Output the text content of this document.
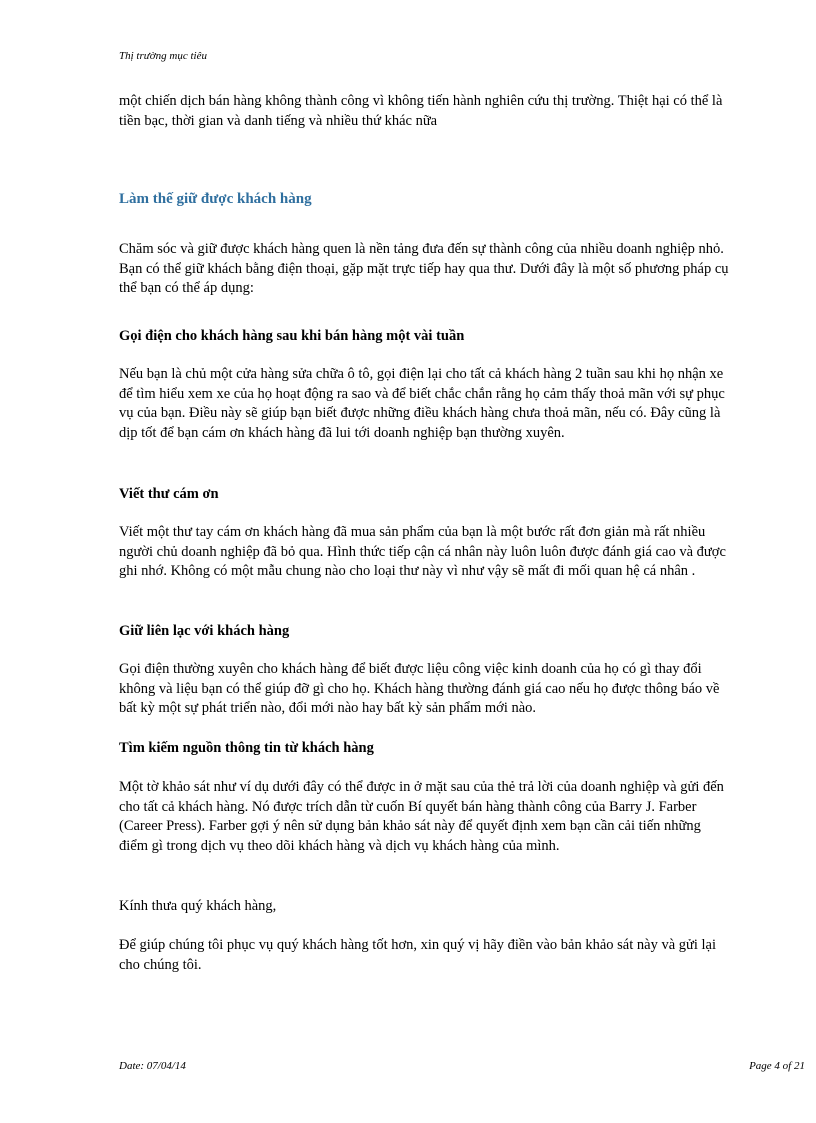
Thị trường mục tiêu

một chiến dịch bán hàng không thành công vì không tiến hành nghiên cứu thị trường. Thiệt hại có thể là tiền bạc, thời gian và danh tiếng và nhiều thứ khác nữa

Làm thế giữ được khách hàng

Chăm sóc và giữ được khách hàng quen là nền tảng đưa đến sự thành công của nhiều doanh nghiệp nhỏ. Bạn có thể giữ khách bằng điện thoại, gặp mặt trực tiếp hay qua thư. Dưới đây là một số phương pháp cụ thể bạn có thể áp dụng:

Gọi điện cho khách hàng sau khi bán hàng một vài tuần

Nếu bạn là chủ một cửa hàng sửa chữa ô tô, gọi điện lại cho tất cả khách hàng 2 tuần sau khi họ nhận xe để tìm hiểu xem xe của họ hoạt động ra sao và để biết chắc chắn rằng họ cảm thấy thoả mãn với sự phục vụ của bạn. Điều này sẽ giúp bạn biết được những điều khách hàng chưa thoả mãn, nếu có. Đây cũng là dịp tốt để bạn cám ơn khách hàng đã lui tới doanh nghiệp bạn thường xuyên.

Viết thư cám ơn

Viết một thư tay cám ơn khách hàng đã mua sản phẩm của bạn là một bước rất đơn giản mà rất nhiều người chủ doanh nghiệp đã bỏ qua. Hình thức tiếp cận cá nhân này luôn luôn được đánh giá cao và được ghi nhớ. Không có một mẫu chung nào cho loại thư này vì như vậy sẽ mất đi mối quan hệ cá nhân .

Giữ liên lạc với khách hàng

Gọi điện thường xuyên cho khách hàng để biết được liệu công việc kinh doanh của họ có gì thay đổi không và liệu bạn có thể giúp đỡ gì cho họ. Khách hàng thường đánh giá cao nếu họ được thông báo về bất kỳ một sự phát triển nào, đổi mới nào hay bất kỳ sản phẩm mới nào.

Tìm kiếm nguồn thông tin từ khách hàng

Một tờ khảo sát như ví dụ dưới đây có thể được in ở mặt sau của thẻ trả lời của doanh nghiệp và gửi đến cho tất cả khách hàng. Nó được trích dẫn từ cuốn Bí quyết bán hàng thành công của Barry J. Farber (Career Press). Farber gợi ý nên sử dụng bản khảo sát này để quyết định xem bạn cần cải tiến những điểm gì trong dịch vụ theo dõi khách hàng và dịch vụ khách hàng của mình.

Kính thưa quý khách hàng,

Để giúp chúng tôi phục vụ quý khách hàng tốt hơn, xin quý vị hãy điền vào bản khảo sát này và gửi lại cho chúng tôi.

Date: 07/04/14	Page 4 of 21
